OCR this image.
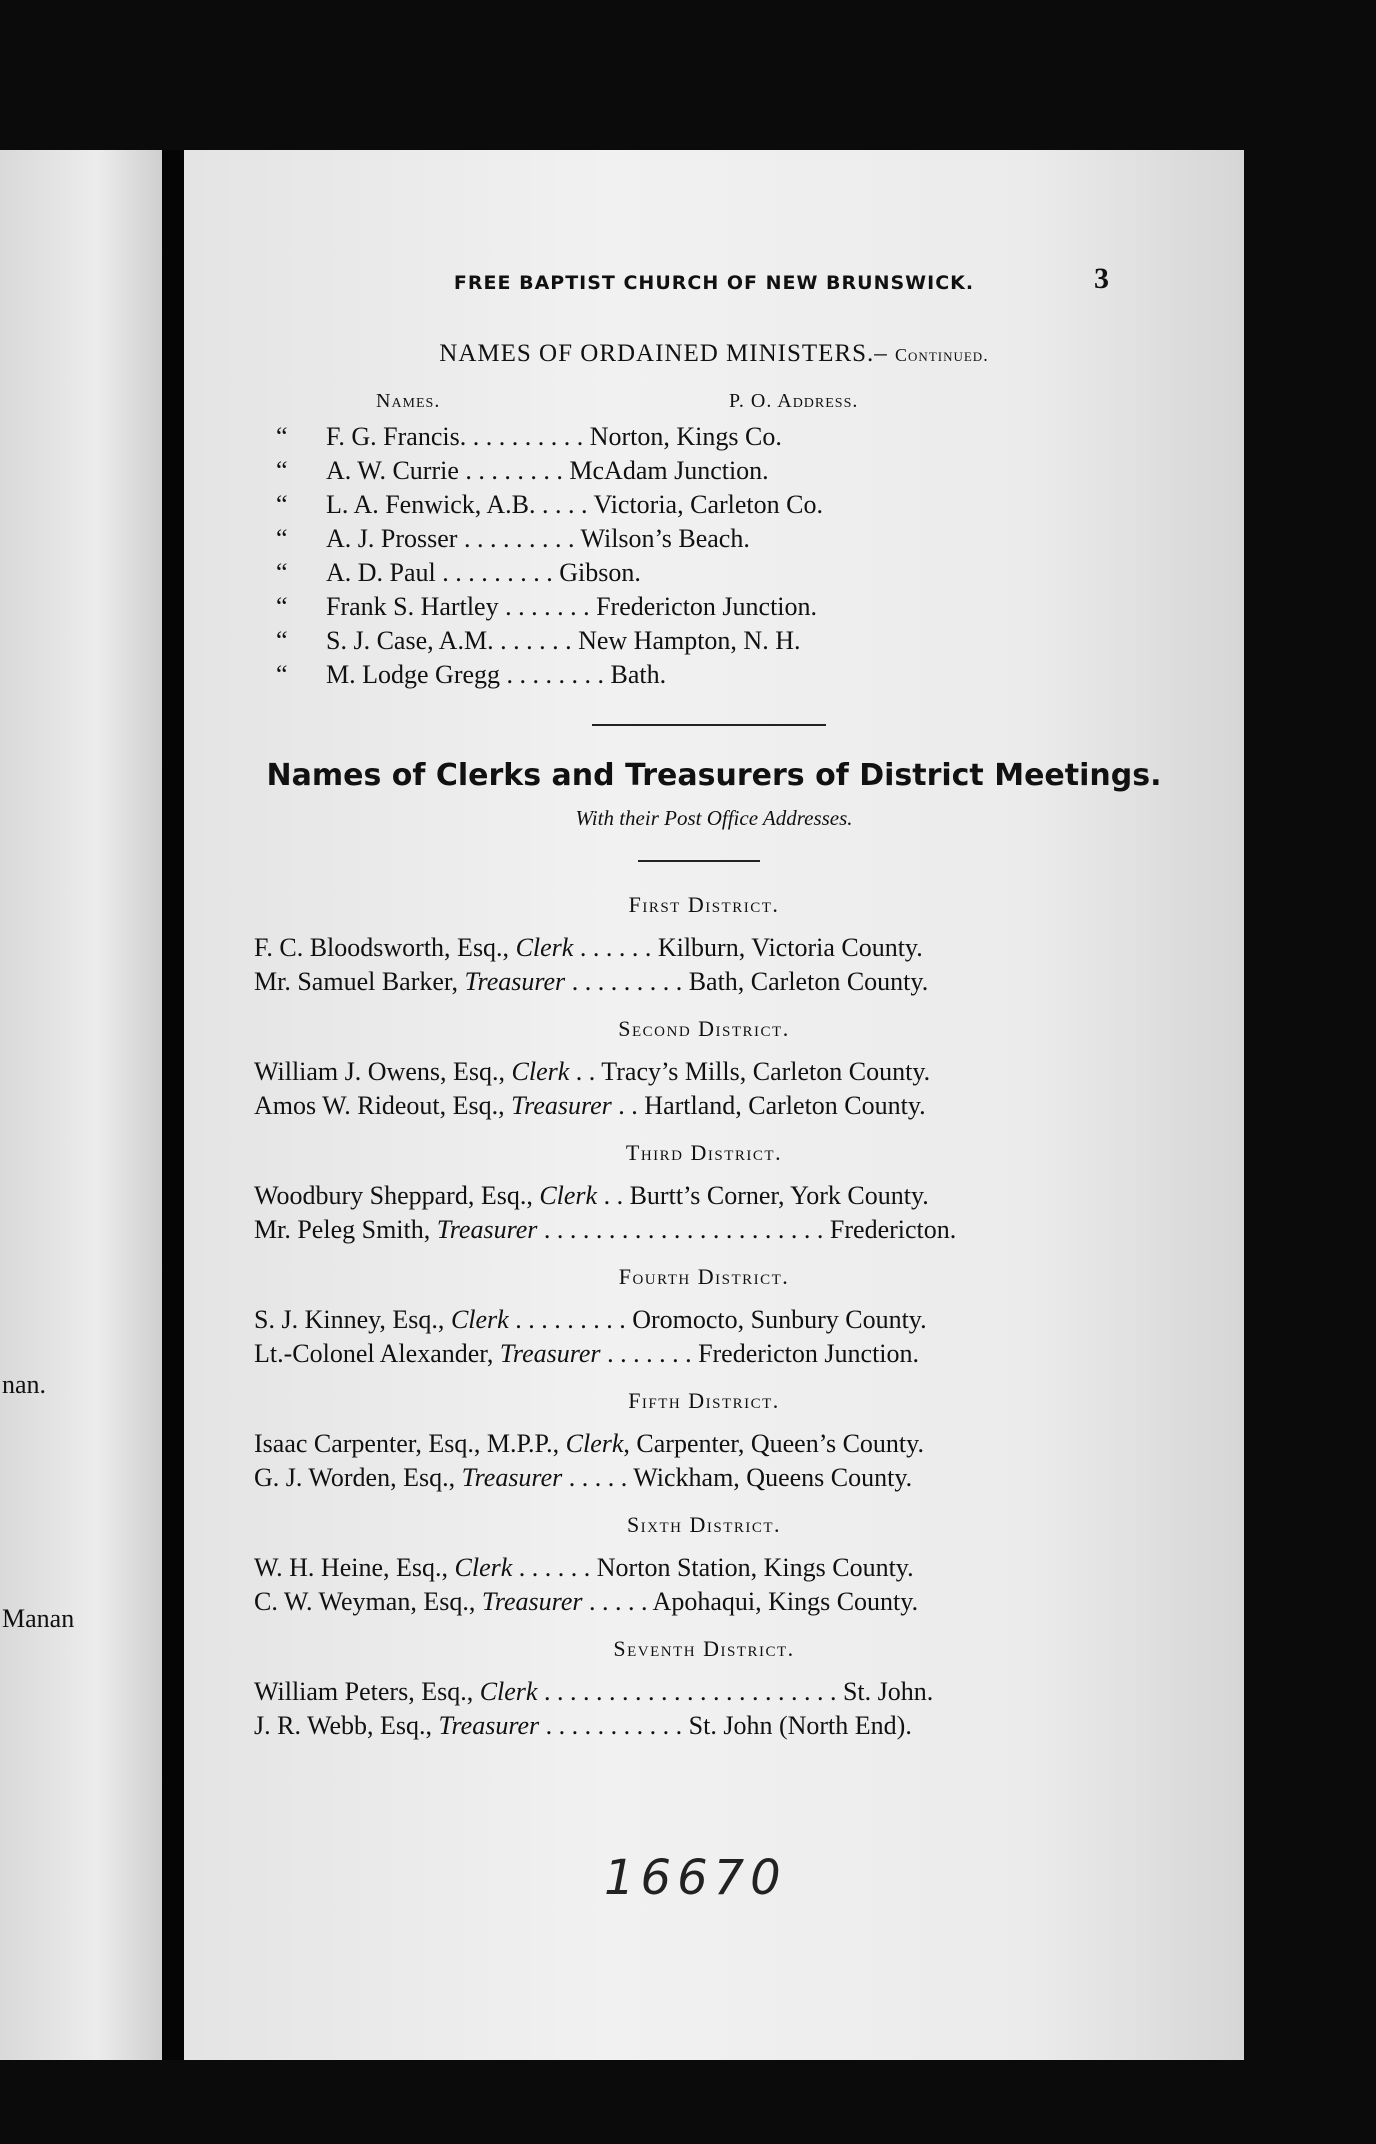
nan.
Manan
FREE BAPTIST CHURCH OF NEW BRUNSWICK.	3
NAMES OF ORDAINED MINISTERS.– Continued.
Names.	P. O. Address.
“	F. G. Francis. . . . . . . . . . Norton, Kings Co.
“	A. W. Currie . . . . . . . . McAdam Junction.
“	L. A. Fenwick, A.B. . . . . Victoria, Carleton Co.
“	A. J. Prosser . . . . . . . . . Wilson’s Beach.
“	A. D. Paul . . . . . . . . . Gibson.
“	Frank S. Hartley . . . . . . . Fredericton Junction.
“	S. J. Case, A.M. . . . . . . New Hampton, N. H.
“	M. Lodge Gregg . . . . . . . . Bath.
Names of Clerks and Treasurers of District Meetings.
With their Post Office Addresses.
First District.
F. C. Bloodsworth, Esq., Clerk . . . . . . Kilburn, Victoria County.
Mr. Samuel Barker, Treasurer . . . . . . . . . Bath, Carleton County.
Second District.
William J. Owens, Esq., Clerk . . Tracy’s Mills, Carleton County.
Amos W. Rideout, Esq., Treasurer . . Hartland, Carleton County.
Third District.
Woodbury Sheppard, Esq., Clerk . . Burtt’s Corner, York County.
Mr. Peleg Smith, Treasurer . . . . . . . . . . . . . . . . . . . . . . Fredericton.
Fourth District.
S. J. Kinney, Esq., Clerk . . . . . . . . . Oromocto, Sunbury County.
Lt.-Colonel Alexander, Treasurer . . . . . . . Fredericton Junction.
Fifth District.
Isaac Carpenter, Esq., M.P.P., Clerk, Carpenter, Queen’s County.
G. J. Worden, Esq., Treasurer . . . . . Wickham, Queens County.
Sixth District.
W. H. Heine, Esq., Clerk . . . . . . Norton Station, Kings County.
C. W. Weyman, Esq., Treasurer . . . . . Apohaqui, Kings County.
Seventh District.
William Peters, Esq., Clerk . . . . . . . . . . . . . . . . . . . . . . . St. John.
J. R. Webb, Esq., Treasurer . . . . . . . . . . . St. John (North End).
16670
